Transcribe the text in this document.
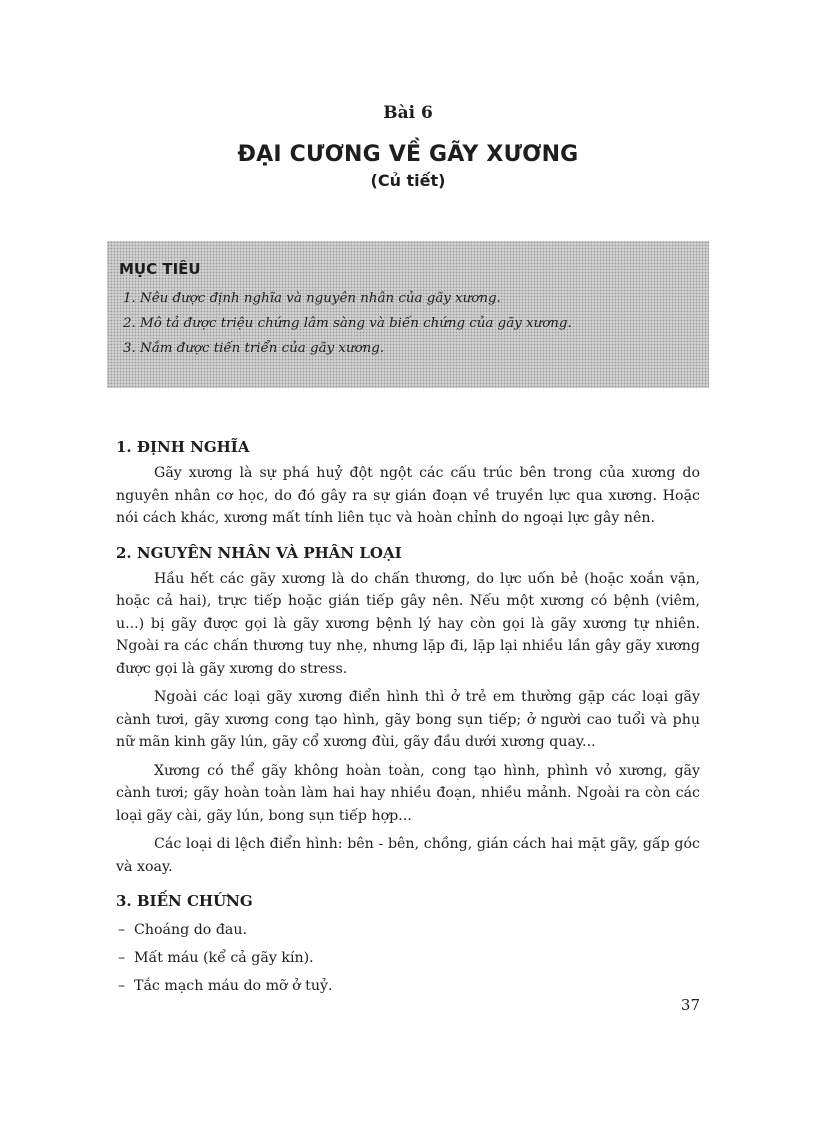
Bài 6
ĐẠI CƯƠNG VỀ GÃY XƯƠNG
(Củ tiết)
MỤC TIÊU
1. Nêu được định nghĩa và nguyên nhân của gãy xương.
2. Mô tả được triệu chứng lâm sàng và biến chứng của gãy xương.
3. Nắm được tiến triển của gãy xương.
1. ĐỊNH NGHĨA

Gãy xương là sự phá huỷ đột ngột các cấu trúc bên trong của xương do nguyên nhân cơ học, do đó gây ra sự gián đoạn về truyền lực qua xương. Hoặc nói cách khác, xương mất tính liên tục và hoàn chỉnh do ngoại lực gây nên.

2. NGUYÊN NHÂN VÀ PHÂN LOẠI

Hầu hết các gãy xương là do chấn thương, do lực uốn bẻ (hoặc xoắn vặn, hoặc cả hai), trực tiếp hoặc gián tiếp gây nên. Nếu một xương có bệnh (viêm, u...) bị gãy được gọi là gãy xương bệnh lý hay còn gọi là gãy xương tự nhiên. Ngoài ra các chấn thương tuy nhẹ, nhưng lặp đi, lặp lại nhiều lần gây gãy xương được gọi là gãy xương do stress.

Ngoài các loại gãy xương điển hình thì ở trẻ em thường gặp các loại gãy cành tươi, gãy xương cong tạo hình, gãy bong sụn tiếp; ở người cao tuổi và phụ nữ mãn kinh gãy lún, gãy cổ xương đùi, gãy đầu dưới xương quay...

Xương có thể gãy không hoàn toàn, cong tạo hình, phình vỏ xương, gãy cành tươi; gãy hoàn toàn làm hai hay nhiều đoạn, nhiều mảnh. Ngoài ra còn các loại gãy cài, gãy lún, bong sụn tiếp hợp...

Các loại di lệch điển hình: bên - bên, chồng, gián cách hai mặt gãy, gấp góc và xoay.

3. BIẾN CHỨNG
– Choáng do đau.
– Mất máu (kể cả gãy kín).
– Tắc mạch máu do mỡ ở tuỷ.
37
